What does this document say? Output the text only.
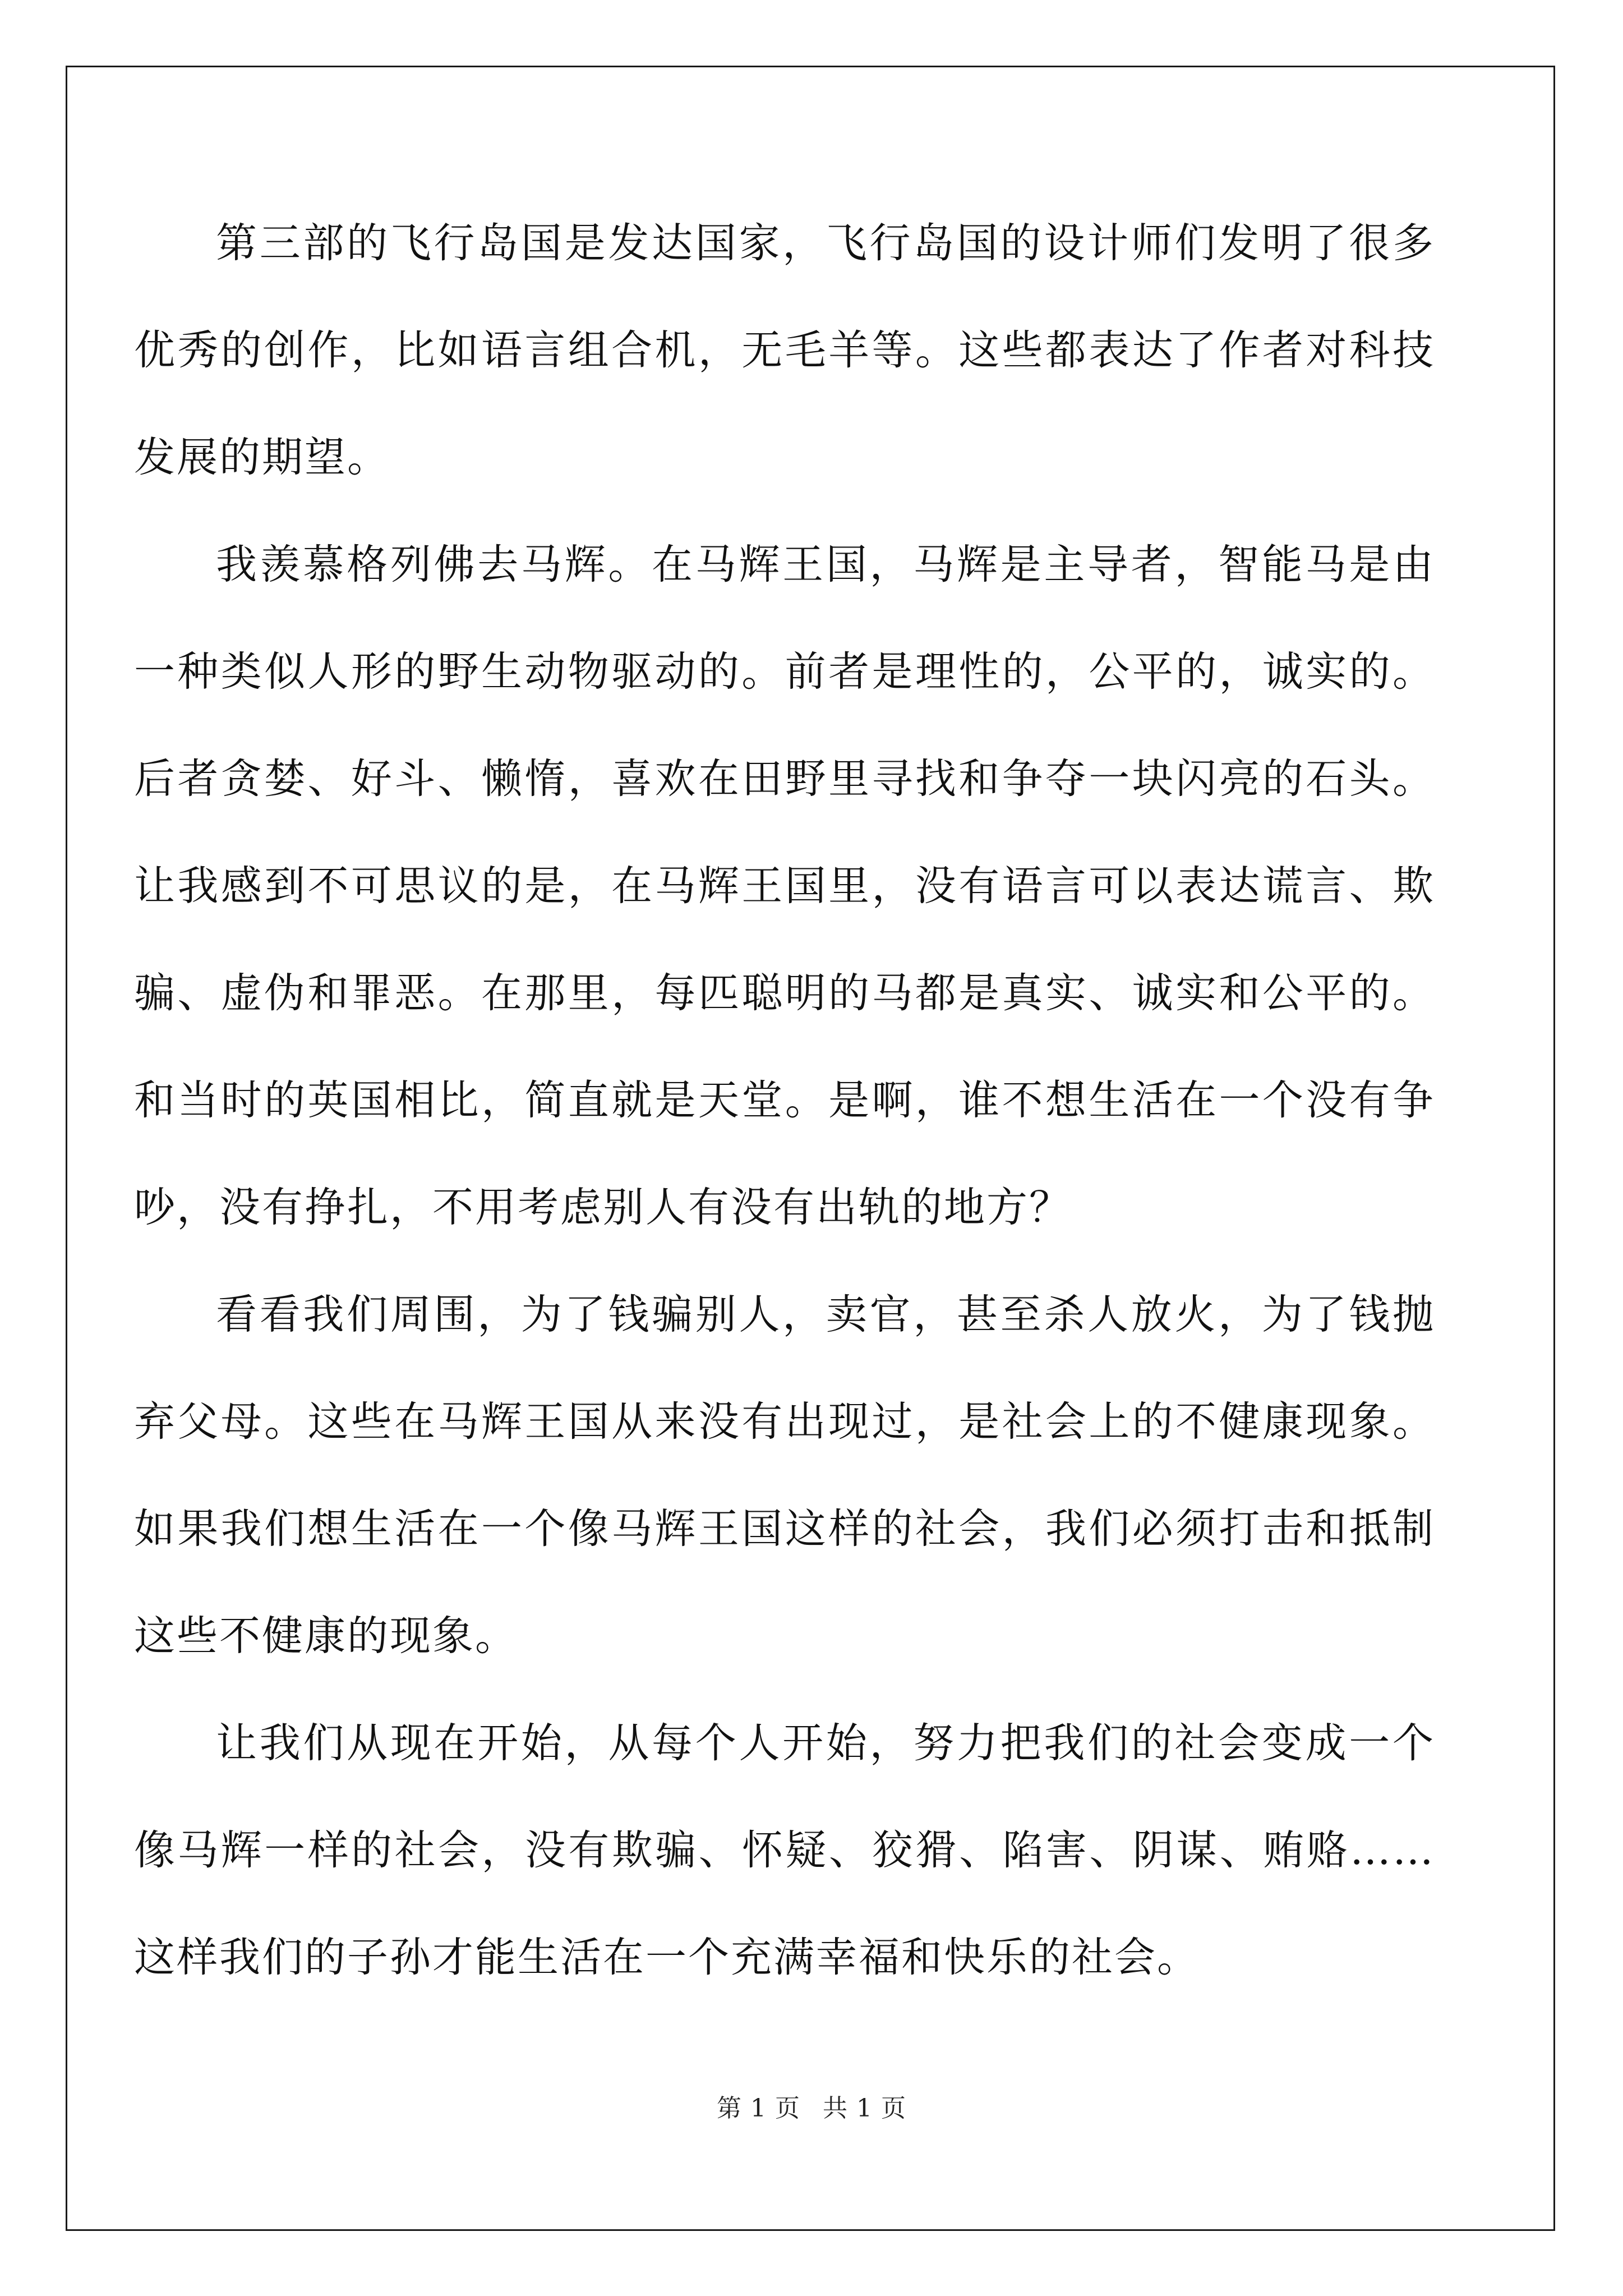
第三部的飞行岛国是发达国家，飞行岛国的设计师们发明了很多优秀的创作，比如语言组合机，无毛羊等。这些都表达了作者对科技发展的期望。

我羡慕格列佛去马辉。在马辉王国，马辉是主导者，智能马是由一种类似人形的野生动物驱动的。前者是理性的，公平的，诚实的。后者贪婪、好斗、懒惰，喜欢在田野里寻找和争夺一块闪亮的石头。让我感到不可思议的是，在马辉王国里，没有语言可以表达谎言、欺骗、虚伪和罪恶。在那里，每匹聪明的马都是真实、诚实和公平的。和当时的英国相比，简直就是天堂。是啊，谁不想生活在一个没有争吵，没有挣扎，不用考虑别人有没有出轨的地方？

看看我们周围，为了钱骗别人，卖官，甚至杀人放火，为了钱抛弃父母。这些在马辉王国从来没有出现过，是社会上的不健康现象。如果我们想生活在一个像马辉王国这样的社会，我们必须打击和抵制这些不健康的现象。

让我们从现在开始，从每个人开始，努力把我们的社会变成一个像马辉一样的社会，没有欺骗、怀疑、狡猾、陷害、阴谋、贿赂……这样我们的子孙才能生活在一个充满幸福和快乐的社会。

第 1 页 共 1 页
